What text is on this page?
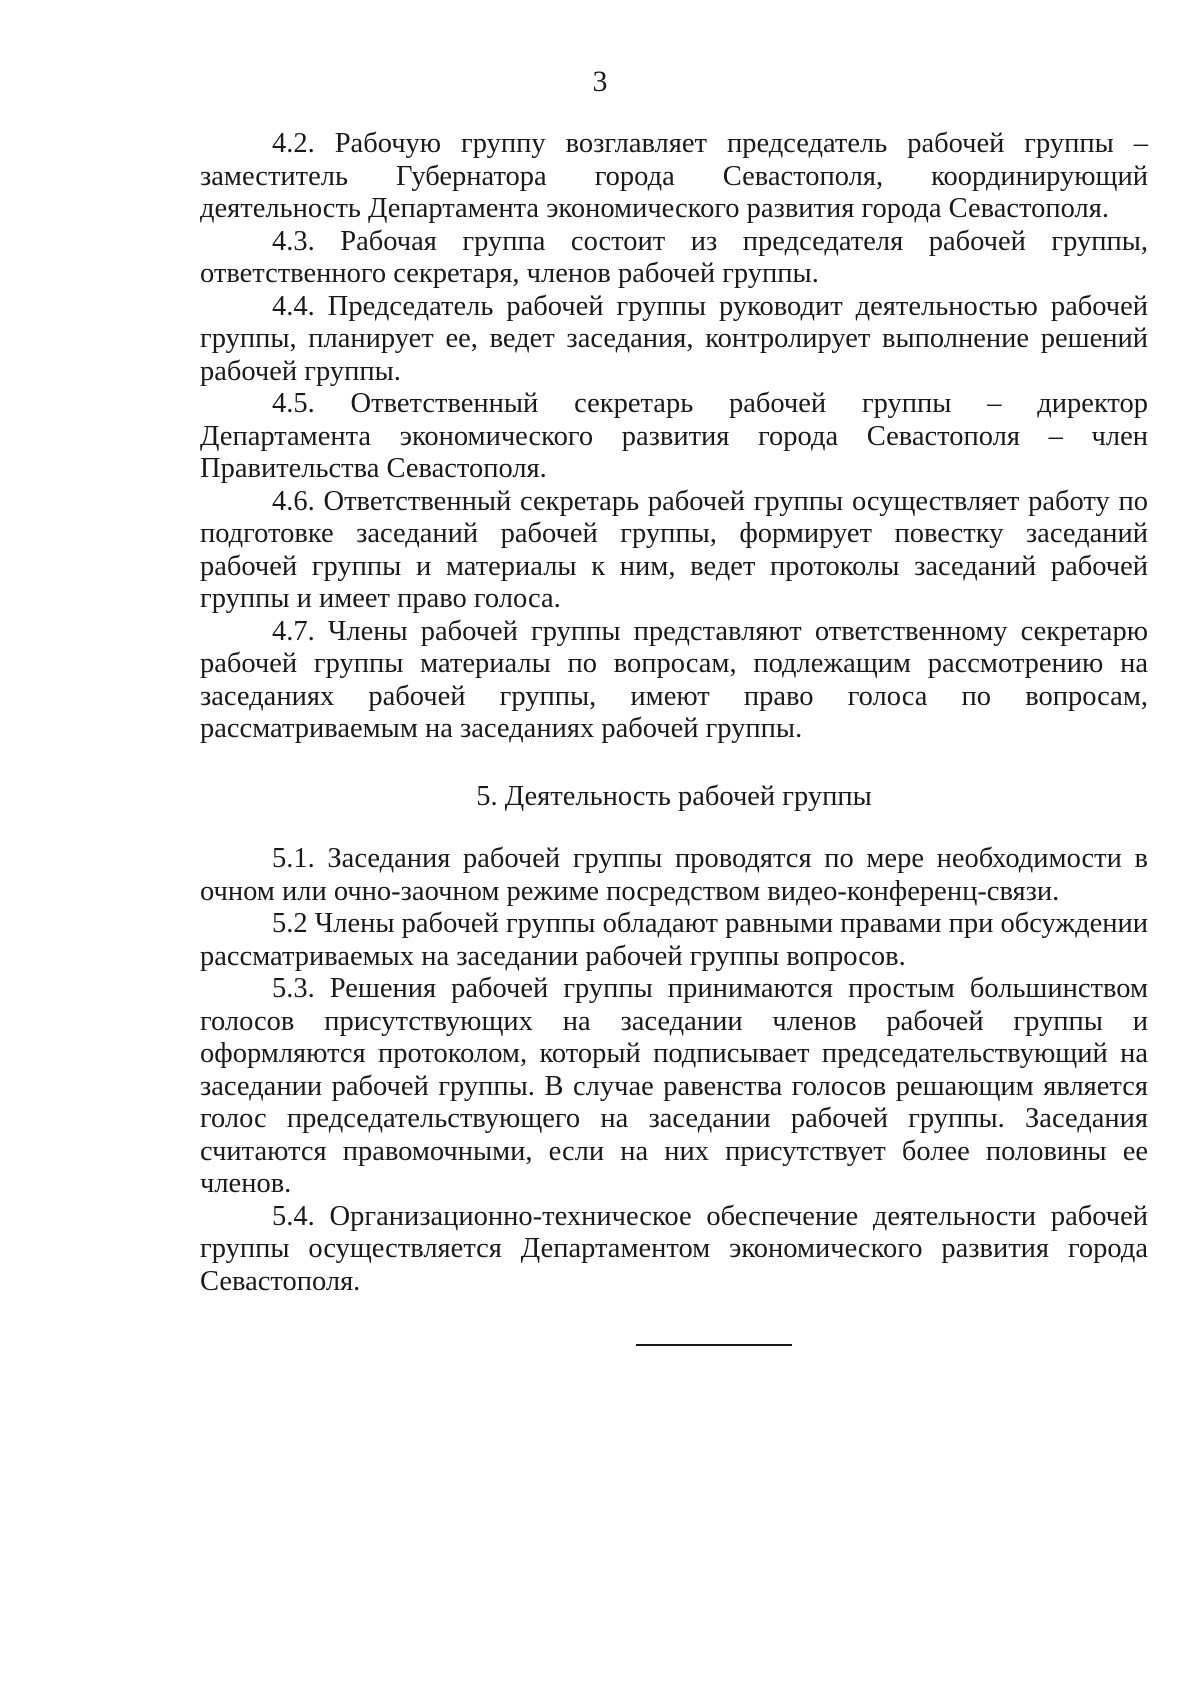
3

4.2. Рабочую группу возглавляет председатель рабочей группы – заместитель Губернатора города Севастополя, координирующий деятельность Департамента экономического развития города Севастополя.

4.3. Рабочая группа состоит из председателя рабочей группы, ответственного секретаря, членов рабочей группы.

4.4. Председатель рабочей группы руководит деятельностью рабочей группы, планирует ее, ведет заседания, контролирует выполнение решений рабочей группы.

4.5. Ответственный секретарь рабочей группы – директор Департамента экономического развития города Севастополя – член Правительства Севастополя.

4.6. Ответственный секретарь рабочей группы осуществляет работу по подготовке заседаний рабочей группы, формирует повестку заседаний рабочей группы и материалы к ним, ведет протоколы заседаний рабочей группы и имеет право голоса.

4.7. Члены рабочей группы представляют ответственному секретарю рабочей группы материалы по вопросам, подлежащим рассмотрению на заседаниях рабочей группы, имеют право голоса по вопросам, рассматриваемым на заседаниях рабочей группы.

5. Деятельность рабочей группы

5.1. Заседания рабочей группы проводятся по мере необходимости в очном или очно-заочном режиме посредством видео-конференц-связи.

5.2 Члены рабочей группы обладают равными правами при обсуждении рассматриваемых на заседании рабочей группы вопросов.

5.3. Решения рабочей группы принимаются простым большинством голосов присутствующих на заседании членов рабочей группы и оформляются протоколом, который подписывает председательствующий на заседании рабочей группы. В случае равенства голосов решающим является голос председательствующего на заседании рабочей группы. Заседания считаются правомочными, если на них присутствует более половины ее членов.

5.4. Организационно-техническое обеспечение деятельности рабочей группы осуществляется Департаментом экономического развития города Севастополя.
